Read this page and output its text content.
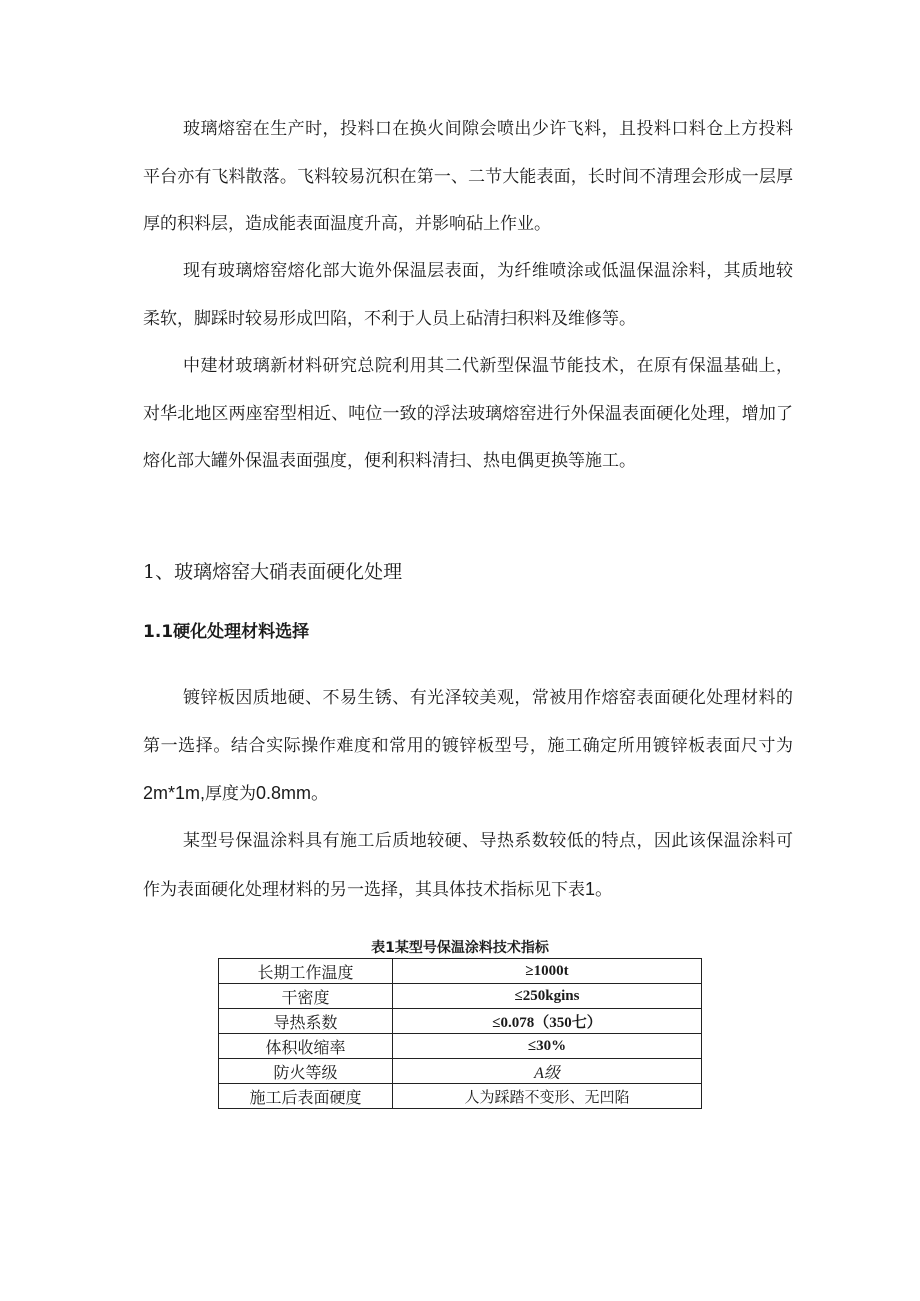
玻璃熔窑在生产时，投料口在换火间隙会喷出少许飞料，且投料口料仓上方投料平台亦有飞料散落。飞料较易沉积在第一、二节大能表面，长时间不清理会形成一层厚厚的积料层，造成能表面温度升高，并影响砧上作业。

现有玻璃熔窑熔化部大诡外保温层表面，为纤维喷涂或低温保温涂料，其质地较柔软，脚踩时较易形成凹陷，不利于人员上砧清扫积料及维修等。

中建材玻璃新材料研究总院利用其二代新型保温节能技术，在原有保温基础上，对华北地区两座窑型相近、吨位一致的浮法玻璃熔窑进行外保温表面硬化处理，增加了熔化部大罐外保温表面强度，便利积料清扫、热电偶更换等施工。

1、玻璃熔窑大硝表面硬化处理
1.1硬化处理材料选择

镀锌板因质地硬、不易生锈、有光泽较美观，常被用作熔窑表面硬化处理材料的第一选择。结合实际操作难度和常用的镀锌板型号，施工确定所用镀锌板表面尺寸为2m*1m,厚度为0.8mm。

某型号保温涂料具有施工后质地较硬、导热系数较低的特点，因此该保温涂料可作为表面硬化处理材料的另一选择，其具体技术指标见下表1。

表1某型号保温涂料技术指标
长期工作温度	≥1000t
干密度	≤250kgins
导热系数	≤0.078（350七）
体积收缩率	≤30%
防火等级	A级
施工后表面硬度	人为踩踏不变形、无凹陷
